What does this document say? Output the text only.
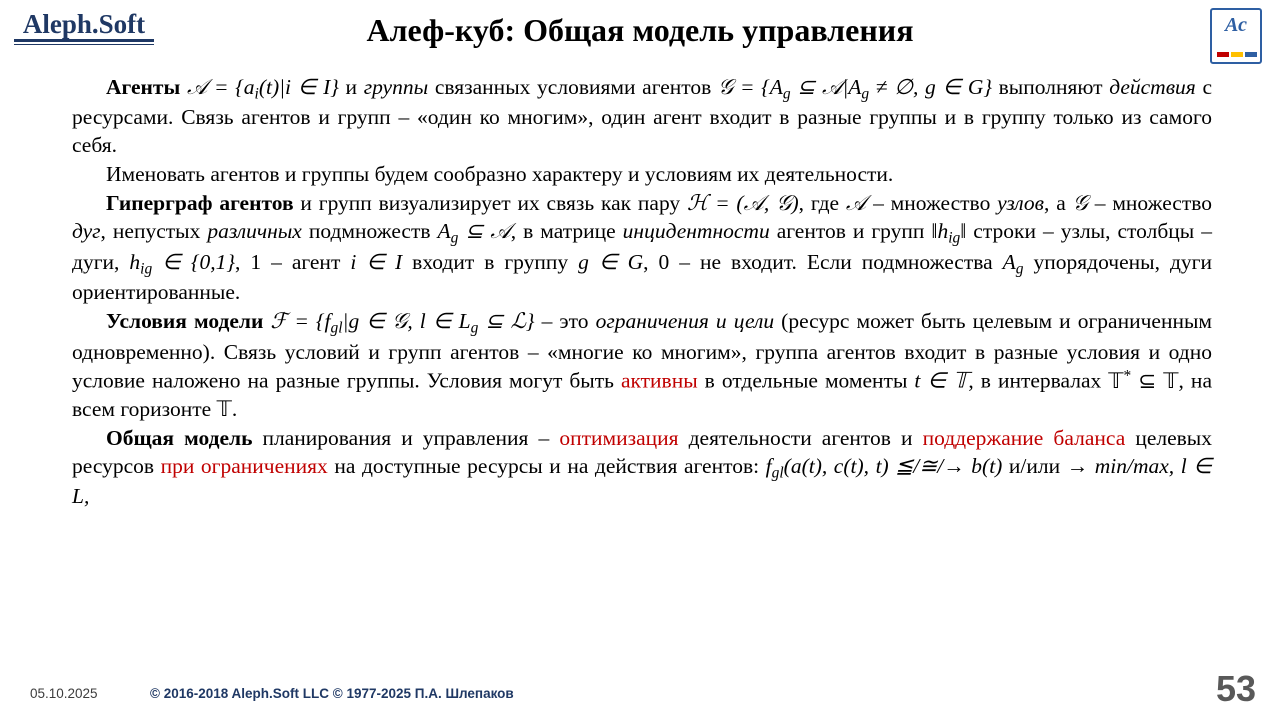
Aleph.Soft	Алеф-куб: Общая модель управления	Ас

Агенты 𝒜 = {$a_i(t)|i$ ∈ I} и группы связанных условиями агентов 𝒢 = {$A_g$ ⊆ $𝒜|A_g$ ≠ ∅, g ∈ G} выполняют действия с ресурсами. Связь агентов и групп – «один ко многим», один агент входит в разные группы и в группу только из самого себя.

Именовать агентов и группы будем сообразно характеру и условиям их деятельности.

Гиперграф агентов и групп визуализирует их связь как пару ℋ = (𝒜, 𝒢), где 𝒜 – множество узлов, а 𝒢 – множество дуг, непустых различных подмножеств $A_g$ ⊆ 𝒜, в матрице инцидентности агентов и групп $‖h_{ig}‖$ строки – узлы, столбцы – дуги, $h_{ig}$ ∈ {0,1}, 1 – агент i ∈ I входит в группу g ∈ G, 0 – не входит. Если подмножества $A_g$ упорядочены, дуги ориентированные.

Условия модели ℱ = {$f_{gl}|g$ ∈ 𝒢, l ∈ $L_g$ ⊆ ℒ} – это ограничения и цели (ресурс может быть целевым и ограниченным одновременно). Связь условий и групп агентов – «многие ко многим», группа агентов входит в разные условия и одно условие наложено на разные группы. Условия могут быть активны в отдельные моменты t ∈ 𝕋, в интервалах 𝕋* ⊆ 𝕋, на всем горизонте 𝕋.

Общая модель планирования и управления – оптимизация деятельности агентов и поддержание баланса целевых ресурсов при ограничениях на доступные ресурсы и на действия агентов: $f_{gl}(a(t)$, c(t), t) ≦/≅/→ b(t) и/или → min/max, l ∈ L,

05.10.2025	© 2016-2018 Aleph.Soft LLC © 1977-2025 П.А. Шлепаков	53
